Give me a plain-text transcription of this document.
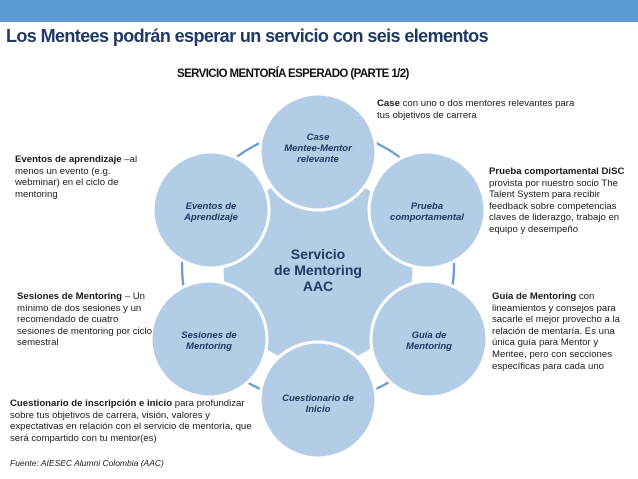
Los Mentees podrán esperar un servicio con seis elementos
SERVICIO MENTORÍA ESPERADO (PARTE 1/2)
Servicio
de Mentoring
AAC
Case
Mentee-Mentor
relevante
Prueba
comportamental
Guía de
Mentoring
Cuestionario de
Inicio
Sesiones de
Mentoring
Eventos de
Aprendizaje
Case con uno o dos mentores relevantes para tus objetivos de carrera
Prueba comportamental DiSC provista por nuestro socio The Talent System para recibir feedback sobre competencias claves de liderazgo, trabajo en equipo y desempeño
Guía de Mentoring con lineamientos y consejos para sacarle el mejor provecho a la relación de mentaría. Es una única guía para Mentor y Mentee, pero con secciones específicas para cada uno
Cuestionario de inscripción e inicio para profundizar sobre tus objetivos de carrera, visión, valores y expectativas en relación con el servicio de mentoría, que será compartido con tu mentor(es)
Sesiones de Mentoring – Un mínimo de dos sesiones y un recomendado de cuatro sesiones de mentoring por ciclo semestral
Eventos de aprendizaje –al menos un evento (e.g. webminar) en el ciclo de mentoring
Fuente: AIESEC Alumni Colombia (AAC)
